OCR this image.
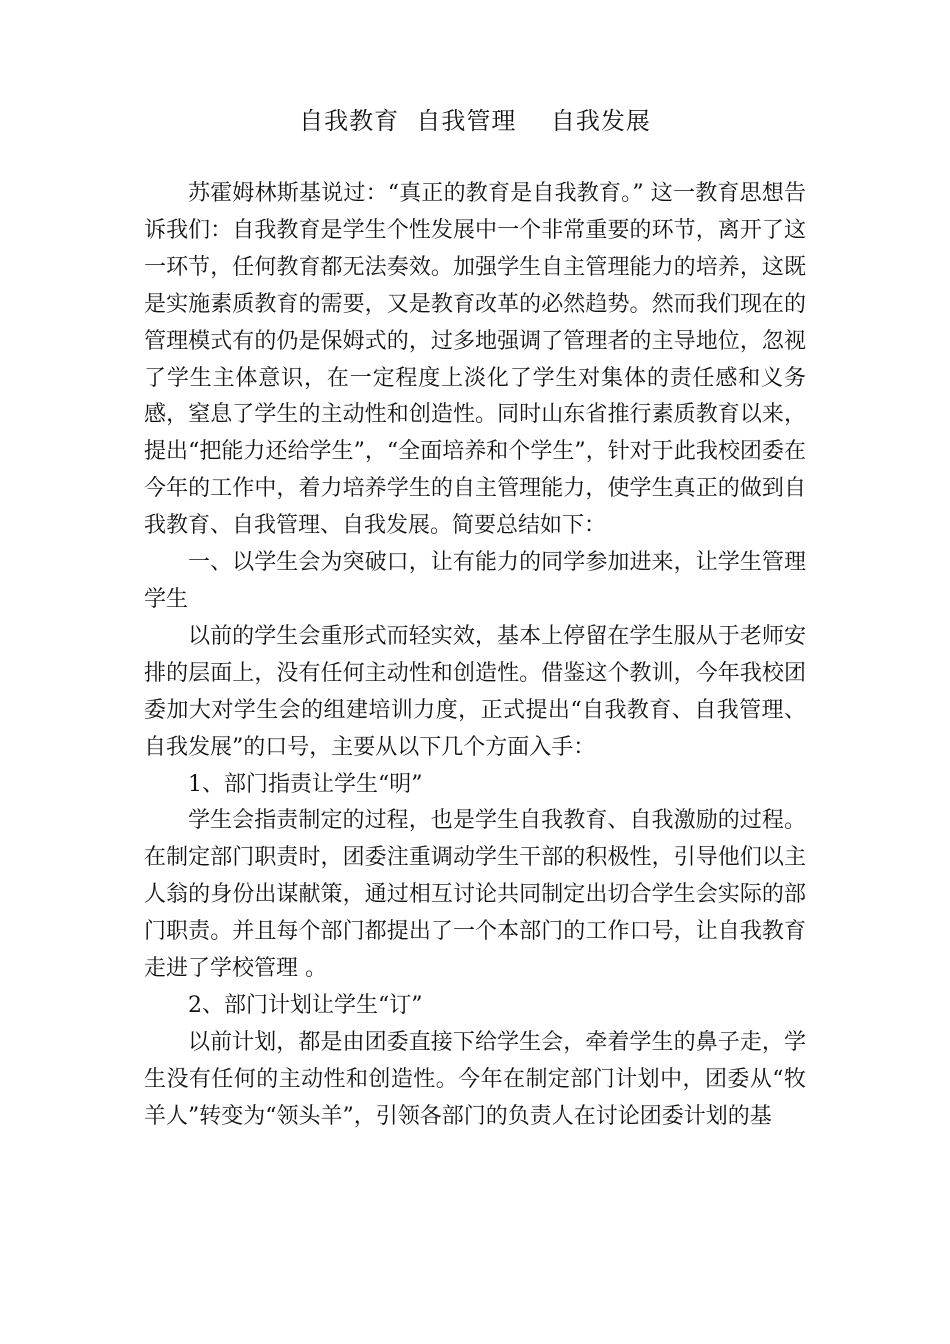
自我教育  自我管理    自我发展

苏霍姆林斯基说过：“真正的教育是自我教育。” 这一教育思想告诉我们：自我教育是学生个性发展中一个非常重要的环节，离开了这一环节，任何教育都无法奏效。加强学生自主管理能力的培养，这既是实施素质教育的需要，又是教育改革的必然趋势。然而我们现在的管理模式有的仍是保姆式的，过多地强调了管理者的主导地位，忽视了学生主体意识，在一定程度上淡化了学生对集体的责任感和义务感，窒息了学生的主动性和创造性。同时山东省推行素质教育以来，提出“把能力还给学生”，“全面培养和个学生”，针对于此我校团委在今年的工作中，着力培养学生的自主管理能力，使学生真正的做到自我教育、自我管理、自我发展。简要总结如下：

一、以学生会为突破口，让有能力的同学参加进来，让学生管理学生

以前的学生会重形式而轻实效，基本上停留在学生服从于老师安排的层面上，没有任何主动性和创造性。借鉴这个教训，今年我校团委加大对学生会的组建培训力度，正式提出“自我教育、自我管理、自我发展”的口号，主要从以下几个方面入手：

1、部门指责让学生“明”

学生会指责制定的过程，也是学生自我教育、自我激励的过程。在制定部门职责时，团委注重调动学生干部的积极性，引导他们以主人翁的身份出谋献策，通过相互讨论共同制定出切合学生会实际的部门职责。并且每个部门都提出了一个本部门的工作口号，让自我教育走进了学校管理 。

2、部门计划让学生“订”

以前计划，都是由团委直接下给学生会，牵着学生的鼻子走，学生没有任何的主动性和创造性。今年在制定部门计划中，团委从“牧羊人”转变为“领头羊”，引领各部门的负责人在讨论团委计划的基
